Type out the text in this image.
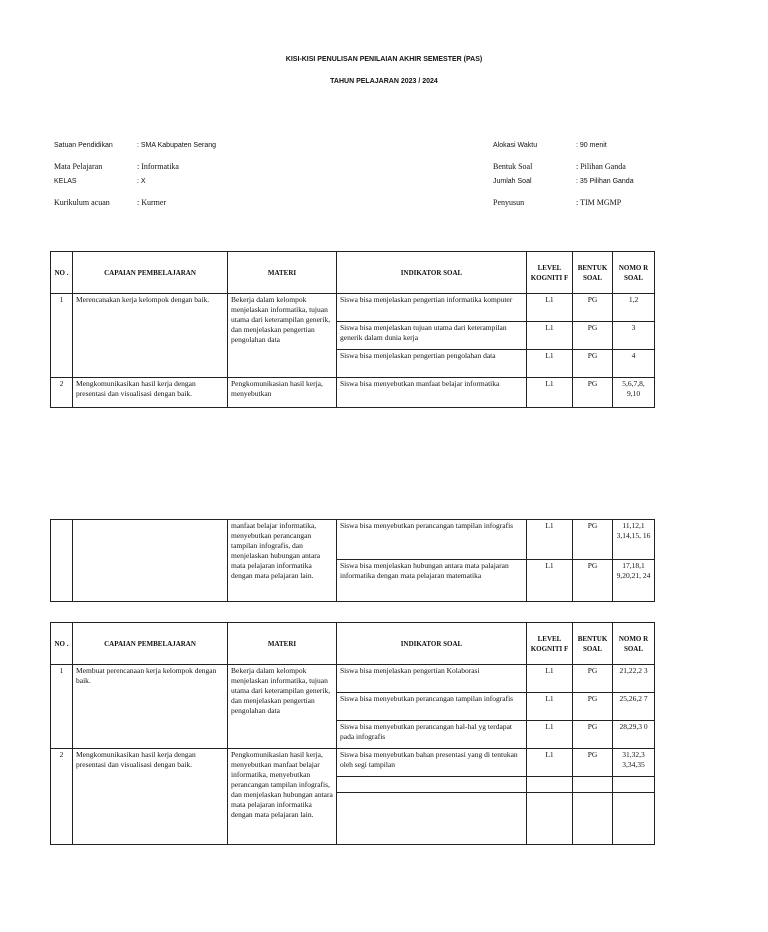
KISI-KISI PENULISAN PENILAIAN AKHIR SEMESTER (PAS)
TAHUN PELAJARAN 2023 / 2024
Satuan Pendidikan	: SMA Kabupaten Serang
Mata Pelajaran	: Informatika
KELAS	: X
Kurikulum acuan	: Kurmer
Alokasi Waktu	: 90 menit
Bentuk Soal	: Pilihan Ganda
Jumlah Soal	: 35 Pilihan Ganda
Penyusun	: TIM MGMP
NO .	CAPAIAN PEMBELAJARAN	MATERI	INDIKATOR SOAL	LEVEL KOGNITI F	BENTUK SOAL	NOMO R SOAL
1	Merencanakan kerja kelompok dengan baik.	Bekerja dalam kelompok menjelaskan informatika, tujuan utama dari keterampilan generik, dan menjelaskan pengertian pengolahan data	Siswa bisa menjelaskan pengertian informatika komputer	L1	PG	1,2
			Siswa bisa menjelaskan tujuan utama dari keterampilan generik dalam dunia kerja	L1	PG	3
			Siswa bisa menjelaskan pengertian pengolahan data	L1	PG	4
2	Mengkomunikasikan hasil kerja dengan presentasi dan visualisasi dengan baik.	Pengkomunikasian hasil kerja, menyebutkan	Siswa bisa menyebutkan manfaat belajar informatika	L1	PG	5,6,7,8, 9,10
		manfaat belajar informatika, menyebutkan perancangan tampilan infografis, dan menjelaskan hubungan antara mata pelajaran informatika dengan mata pelajaran lain.	Siswa bisa menyebutkan perancangan tampilan infografis	L1	PG	11,12,1 3,14,15, 16
			Siswa bisa menjelaskan hubungan antara mata palajaran informatika dengan mata pelajaran matematika	L1	PG	17,18,1 9,20,21, 24
NO .	CAPAIAN PEMBELAJARAN	MATERI	INDIKATOR SOAL	LEVEL KOGNITI F	BENTUK SOAL	NOMO R SOAL
1	Membuat perencanaan kerja kelompok dengan baik.	Bekerja dalam kelompok menjelaskan informatika, tujuan utama dari keterampilan generik, dan menjelaskan pengertian pengolahan data	Siswa bisa menjelaskan pengertian Kolaborasi	L1	PG	21,22,2 3
			Siswa bisa menyebutkan perancangan tampilan infografis	L1	PG	25,26,2 7
			Siswa bisa menyebutkan perancangan hal-hal yg terdapat pada infografis	L1	PG	28,29,3 0
2	Mengkomunikasikan hasil kerja dengan presentasi dan visualisasi dengan baik.	Pengkomunikasian hasil kerja, menyebutkan manfaat belajar informatika, menyebutkan perancangan tampilan infografis, dan menjelaskan hubungan antara mata pelajaran informatika dengan mata pelajaran lain.	Siswa bisa menyebutkan bahan presentasi yang di tentukan oleh segi tampilan	L1	PG	31,32,3 3,34,35
